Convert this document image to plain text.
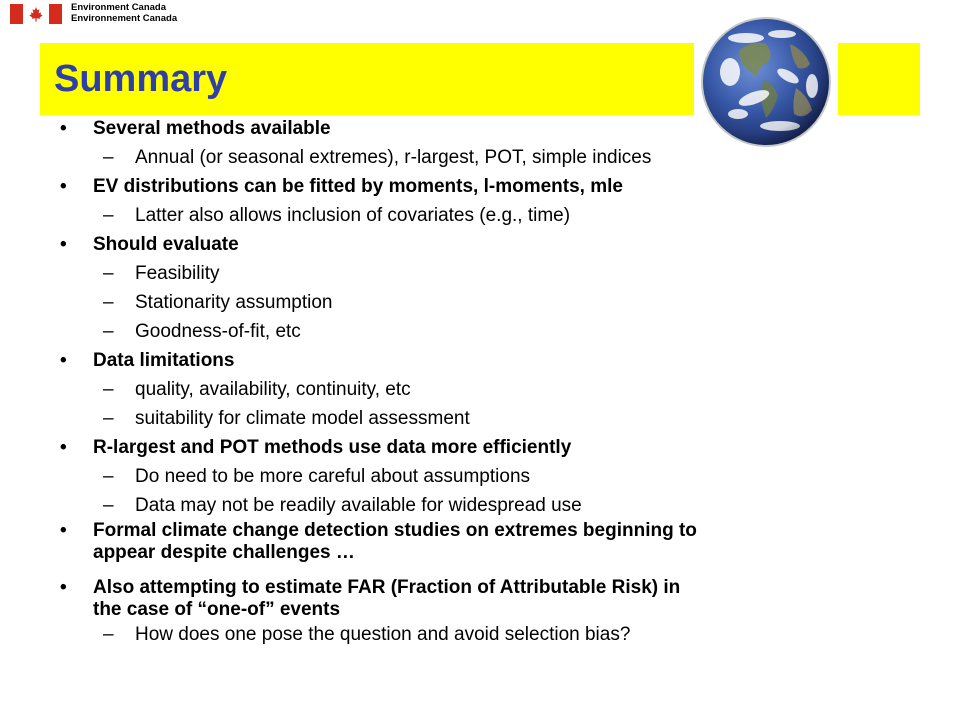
Environment Canada
Environnement Canada
Summary
•	Several methods available
– Annual (or seasonal extremes), r-largest, POT, simple indices
•	EV distributions can be fitted by moments, l-moments, mle
– Latter also allows inclusion of covariates (e.g., time)
•	Should evaluate
– Feasibility
– Stationarity assumption
– Goodness-of-fit, etc
•	Data limitations
– quality, availability, continuity, etc
– suitability for climate model assessment
•	R-largest and POT methods use data more efficiently
– Do need to be more careful about assumptions
– Data may not be readily available for widespread use
•	Formal climate change detection studies on extremes beginning to
appear despite challenges …
•	Also attempting to estimate FAR (Fraction of Attributable Risk) in
the case of “one-of” events
– How does one pose the question and avoid selection bias?
